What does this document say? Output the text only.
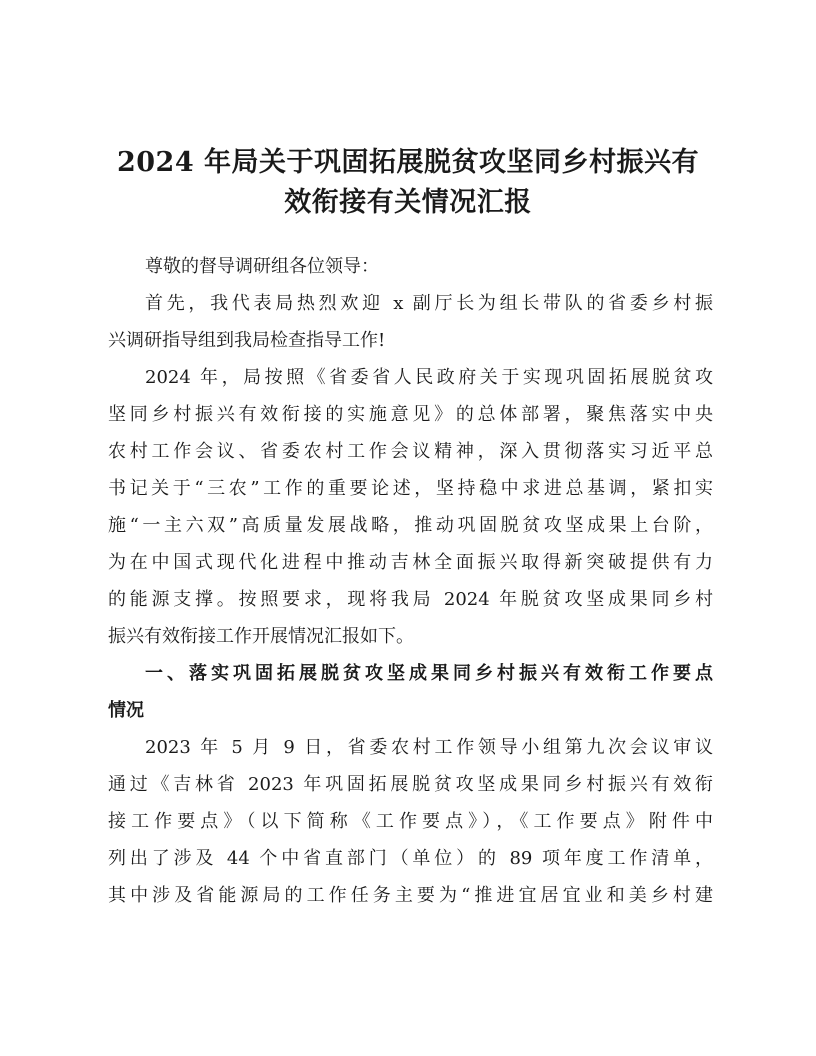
2024 年局关于巩固拓展脱贫攻坚同乡村振兴有
效衔接有关情况汇报
尊敬的督导调研组各位领导：
首先，我代表局热烈欢迎 x 副厅长为组长带队的省委乡村振
兴调研指导组到我局检查指导工作!
2024 年，局按照《省委省人民政府关于实现巩固拓展脱贫攻
坚同乡村振兴有效衔接的实施意见》的总体部署，聚焦落实中央
农村工作会议、省委农村工作会议精神，深入贯彻落实习近平总
书记关于“三农”工作的重要论述，坚持稳中求进总基调，紧扣实
施“一主六双”高质量发展战略，推动巩固脱贫攻坚成果上台阶，
为在中国式现代化进程中推动吉林全面振兴取得新突破提供有力
的能源支撑。按照要求，现将我局 2024 年脱贫攻坚成果同乡村
振兴有效衔接工作开展情况汇报如下。
一、落实巩固拓展脱贫攻坚成果同乡村振兴有效衔工作要点
情况
2023 年 5 月 9 日，省委农村工作领导小组第九次会议审议
通过《吉林省 2023 年巩固拓展脱贫攻坚成果同乡村振兴有效衔
接工作要点》（以下简称《工作要点》），《工作要点》附件中
列出了涉及 44 个中省直部门（单位）的 89 项年度工作清单，
其中涉及省能源局的工作任务主要为“推进宜居宜业和美乡村建
